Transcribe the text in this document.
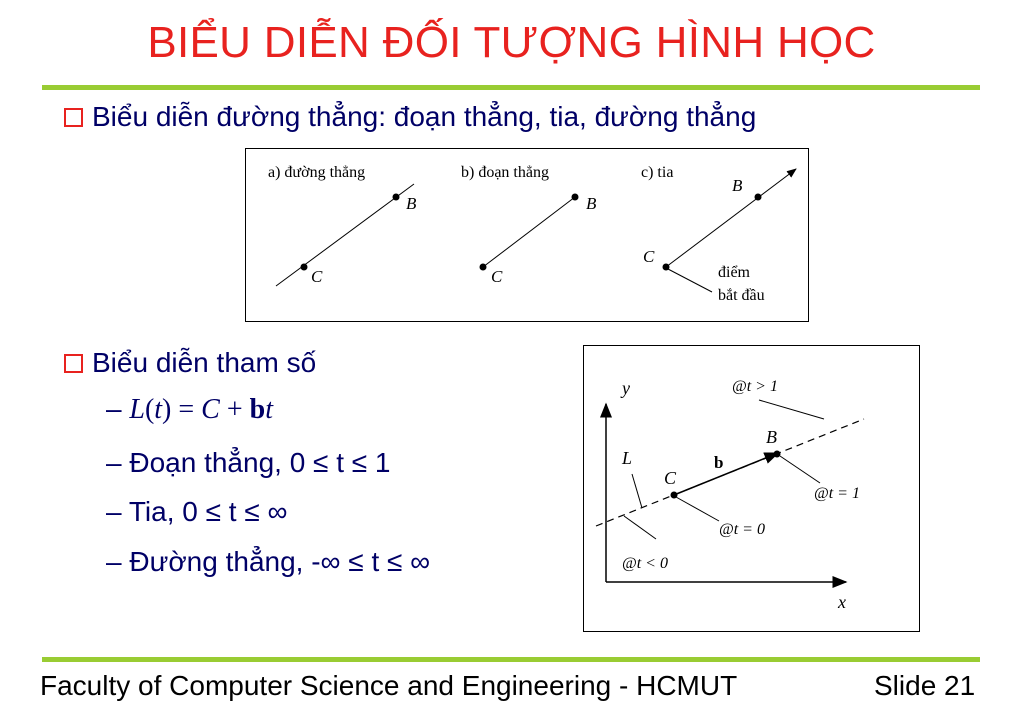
BIỂU DIỄN ĐỐI TƯỢNG HÌNH HỌC
Biểu diễn đường thẳng: đoạn thẳng, tia, đường thẳng
a) đường thẳng
B
C
b) đoạn thẳng
B
C
c) tia
B
C
điểm
bắt đầu
Biểu diễn tham số
– L(t) = C + bt
– Đoạn thẳng, 0 ≤ t ≤ 1
– Tia, 0 ≤ t ≤ ∞
– Đường thẳng, -∞ ≤ t ≤ ∞
y
x
C
B
b
L
@t > 1
@t = 1
@t = 0
@t < 0
Faculty of Computer Science and Engineering - HCMUT	Slide 21
